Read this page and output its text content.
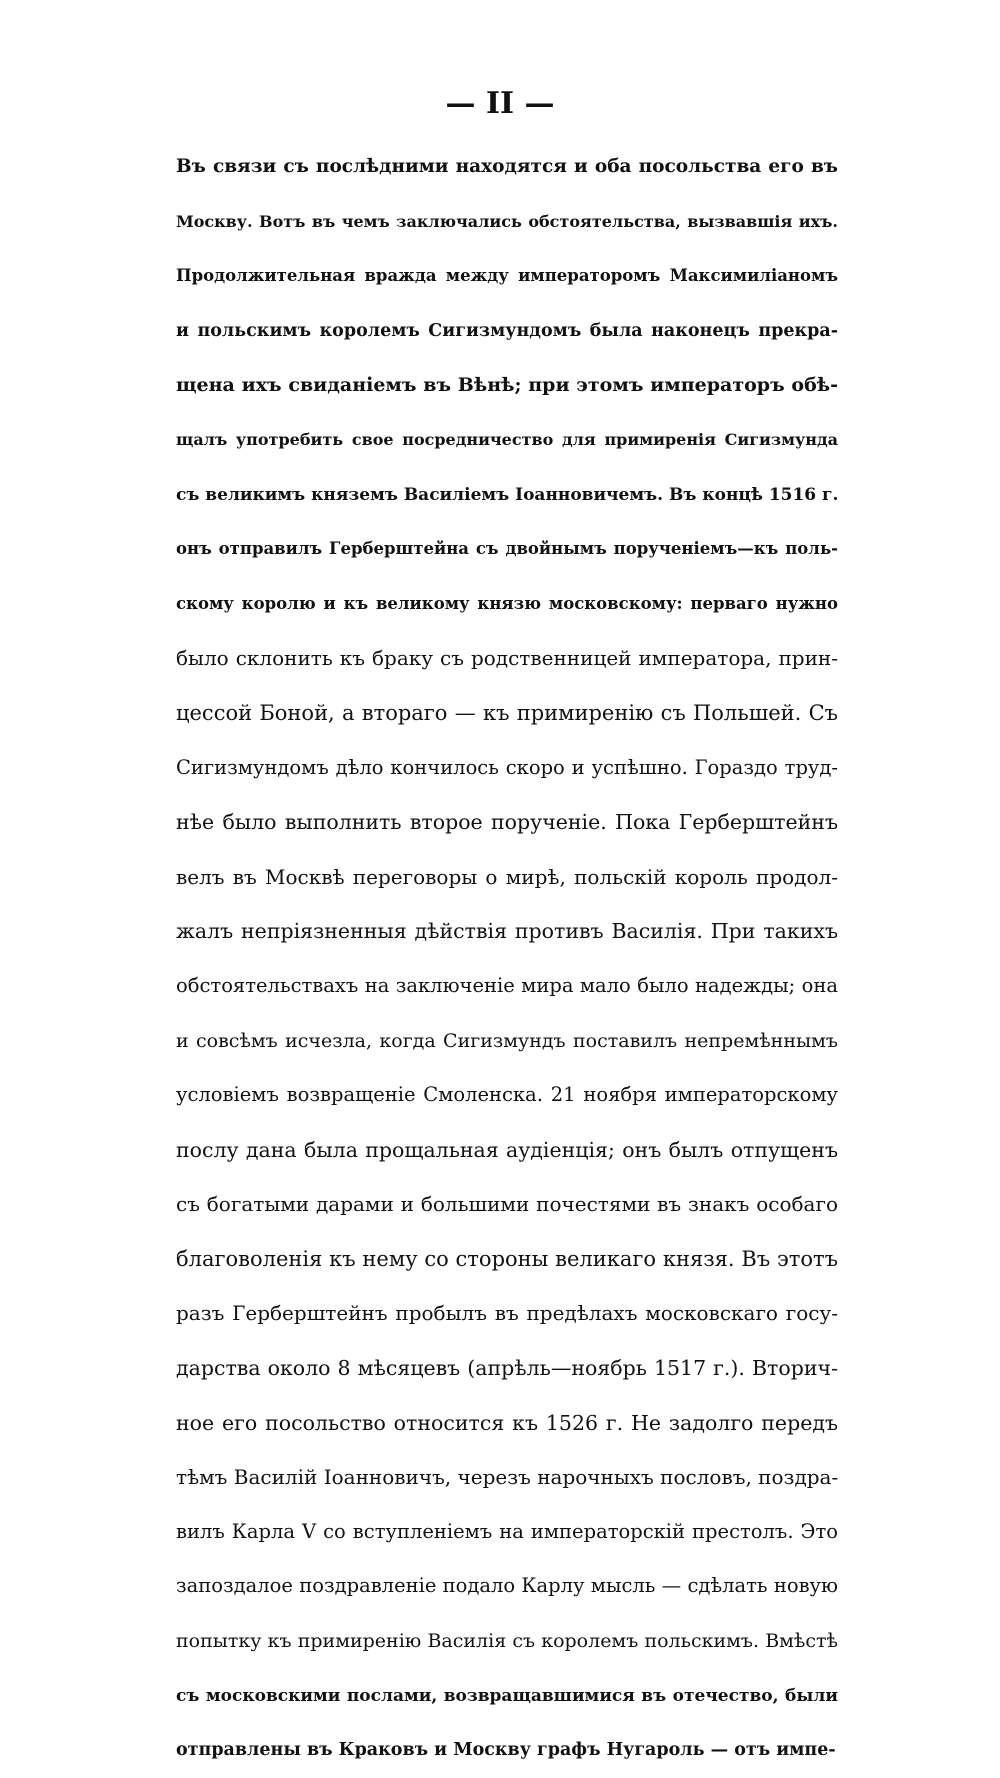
— II —
Въ связи съ послѣдними находятся и оба посольства его въ
Москву. Вотъ въ чемъ заключались обстоятельства, вызвавшія ихъ.
Продолжительная вражда между императоромъ Максимиліаномъ
и польскимъ королемъ Сигизмундомъ была наконецъ прекра-
щена ихъ свиданіемъ въ Вѣнѣ; при этомъ императоръ обѣ-
щалъ употребить свое посредничество для примиренія Сигизмунда
съ великимъ княземъ Василіемъ Іоанновичемъ. Въ концѣ 1516 г.
онъ отправилъ Герберштейна съ двойнымъ порученіемъ—къ поль-
скому королю и къ великому князю московскому: перваго нужно
было склонить къ браку съ родственницей императора, прин-
цессой Боной, а втораго — къ примиренію съ Польшей. Съ
Сигизмундомъ дѣло кончилось скоро и успѣшно. Гораздо труд-
нѣе было выполнить второе порученіе. Пока Герберштейнъ
велъ въ Москвѣ переговоры о мирѣ, польскій король продол-
жалъ непріязненныя дѣйствія противъ Василія. При такихъ
обстоятельствахъ на заключеніе мира мало было надежды; она
и совсѣмъ исчезла, когда Сигизмундъ поставилъ непремѣннымъ
условіемъ возвращеніе Смоленска. 21 ноября императорскому
послу дана была прощальная аудіенція; онъ былъ отпущенъ
съ богатыми дарами и большими почестями въ знакъ особаго
благоволенія къ нему со стороны великаго князя. Въ этотъ
разъ Герберштейнъ пробылъ въ предѣлахъ московскаго госу-
дарства около 8 мѣсяцевъ (апрѣль—ноябрь 1517 г.). Вторич-
ное его посольство относится къ 1526 г. Не задолго передъ
тѣмъ Василій Іоанновичъ, черезъ нарочныхъ пословъ, поздра-
вилъ Карла V со вступленіемъ на императорскій престолъ. Это
запоздалое поздравленіе подало Карлу мысль — сдѣлать новую
попытку къ примиренію Василія съ королемъ польскимъ. Вмѣстѣ
съ московскими послами, возвращавшимися въ отечество, были
отправлены въ Краковъ и Москву графъ Нугароль — отъ импе-
